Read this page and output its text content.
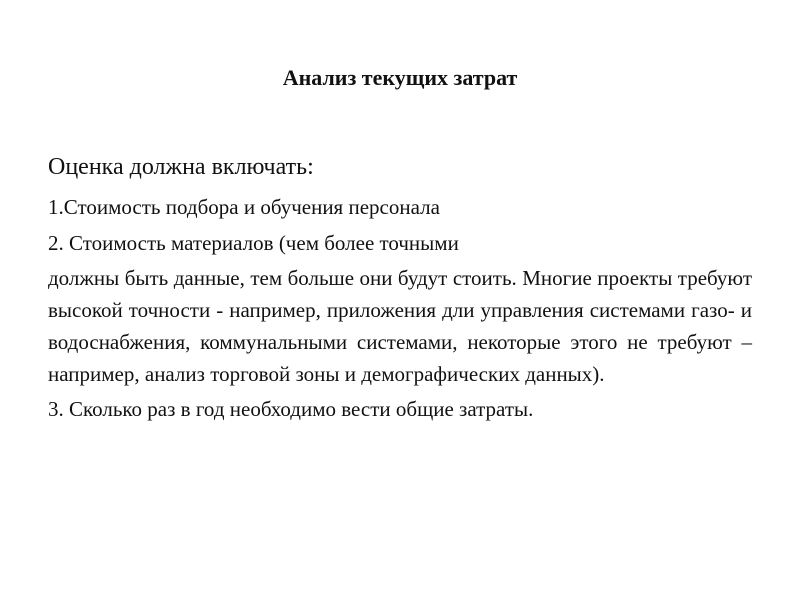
Анализ текущих затрат

Оценка должна включать:

1.Стоимость подбора и обучения персонала

2. Стоимость материалов (чем более точными

должны быть данные, тем больше они будут стоить. Многие проекты требуют высокой точности - например, приложения дли управления системами газо- и водоснабжения, коммунальными системами, некоторые этого не требуют – например, анализ торговой зоны и демографических данных).

3. Сколько раз в год необходимо вести общие затраты.
